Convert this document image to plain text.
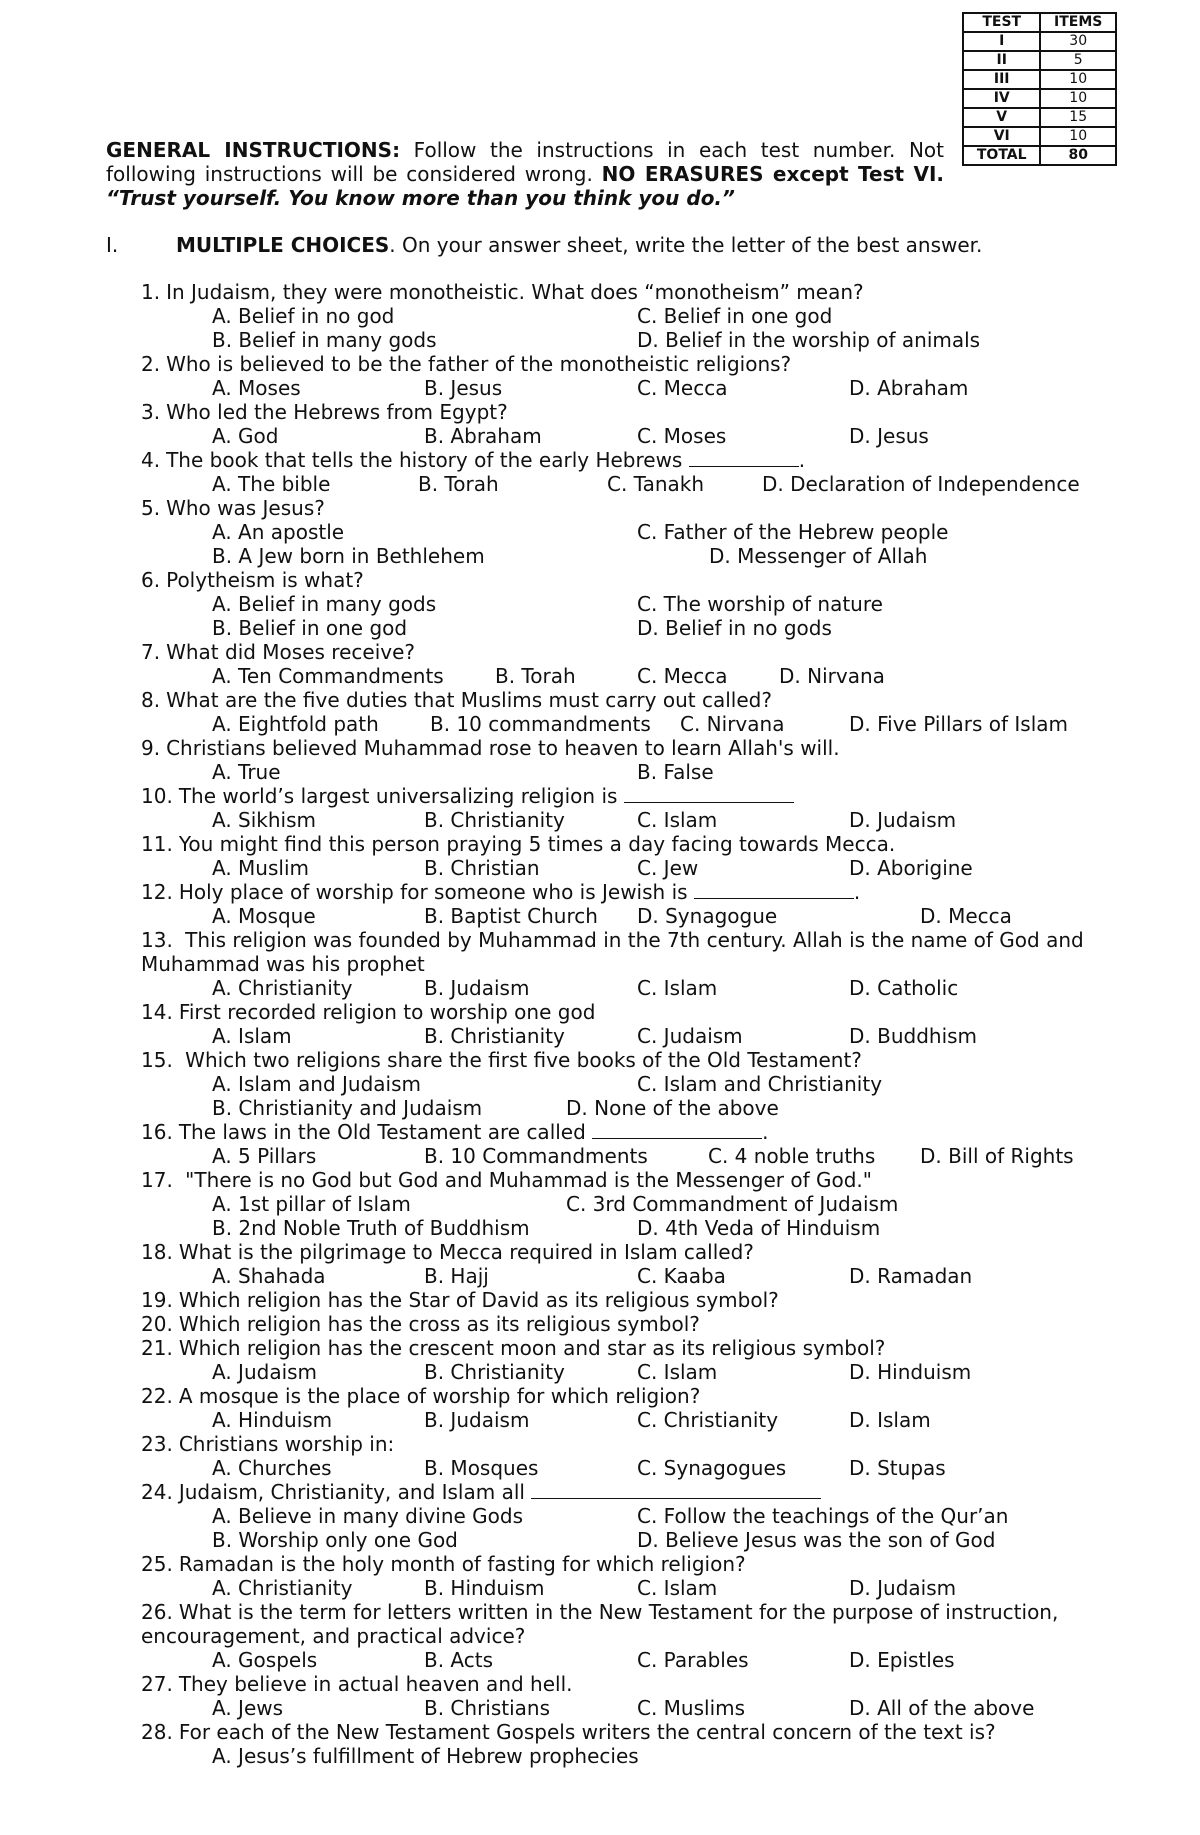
TEST	ITEMS
I	30
II	5
III	10
IV	10
V	15
VI	10
TOTAL	80
GENERAL INSTRUCTIONS: Follow the instructions in each test number. Not following instructions will be considered wrong. NO ERASURES except Test VI. “Trust yourself. You know more than you think you do.”
I.	MULTIPLE CHOICES. On your answer sheet, write the letter of the best answer.
1. In Judaism, they were monotheistic. What does “monotheism” mean?
A. Belief in no god	C. Belief in one god
B. Belief in many gods	D. Belief in the worship of animals
2. Who is believed to be the father of the monotheistic religions?
A. Moses	B. Jesus	C. Mecca	D. Abraham
3. Who led the Hebrews from Egypt?
A. God	B. Abraham	C. Moses	D. Jesus
4. The book that tells the history of the early Hebrews	.
A. The bible	B. Torah	C. Tanakh	D. Declaration of Independence
5. Who was Jesus?
A. An apostle	C. Father of the Hebrew people
B. A Jew born in Bethlehem	D. Messenger of Allah
6. Polytheism is what?
A. Belief in many gods	C. The worship of nature
B. Belief in one god	D. Belief in no gods
7. What did Moses receive?
A. Ten Commandments	B. Torah	C. Mecca	D. Nirvana
8. What are the five duties that Muslims must carry out called?
A. Eightfold path	B. 10 commandments C. Nirvana	D. Five Pillars of Islam
9. Christians believed Muhammad rose to heaven to learn Allah's will.
A. True	B. False
10. The world’s largest universalizing religion is
A. Sikhism	B. Christianity	C. Islam	D. Judaism
11. You might find this person praying 5 times a day facing towards Mecca.
A. Muslim	B. Christian	C. Jew	D. Aborigine
12. Holy place of worship for someone who is Jewish is	.
A. Mosque	B. Baptist Church D. Synagogue	D. Mecca
13. This religion was founded by Muhammad in the 7th century. Allah is the name of God and Muhammad was his prophet
A. Christianity	B. Judaism	C. Islam	D. Catholic
14. First recorded religion to worship one god
A. Islam	B. Christianity	C. Judaism	D. Buddhism
15. Which two religions share the first five books of the Old Testament?
A. Islam and Judaism	C. Islam and Christianity
B. Christianity and Judaism	D. None of the above
16. The laws in the Old Testament are called	.
A. 5 Pillars	B. 10 Commandments	C. 4 noble truths D. Bill of Rights
17. "There is no God but God and Muhammad is the Messenger of God."
A. 1st pillar of Islam	C. 3rd Commandment of Judaism
B. 2nd Noble Truth of Buddhism	D. 4th Veda of Hinduism
18. What is the pilgrimage to Mecca required in Islam called?
A. Shahada	B. Hajj	C. Kaaba	D. Ramadan
19. Which religion has the Star of David as its religious symbol?
20. Which religion has the cross as its religious symbol?
21. Which religion has the crescent moon and star as its religious symbol?
A. Judaism	B. Christianity	C. Islam	D. Hinduism
22. A mosque is the place of worship for which religion?
A. Hinduism	B. Judaism	C. Christianity	D. Islam
23. Christians worship in:
A. Churches	B. Mosques	C. Synagogues	D. Stupas
24. Judaism, Christianity, and Islam all
A. Believe in many divine Gods	C. Follow the teachings of the Qur’an
B. Worship only one God	D. Believe Jesus was the son of God
25. Ramadan is the holy month of fasting for which religion?
A. Christianity	B. Hinduism	C. Islam	D. Judaism
26. What is the term for letters written in the New Testament for the purpose of instruction, encouragement, and practical advice?
A. Gospels	B. Acts	C. Parables	D. Epistles
27. They believe in actual heaven and hell.
A. Jews	B. Christians	C. Muslims	D. All of the above
28. For each of the New Testament Gospels writers the central concern of the text is?
A. Jesus’s fulfillment of Hebrew prophecies
